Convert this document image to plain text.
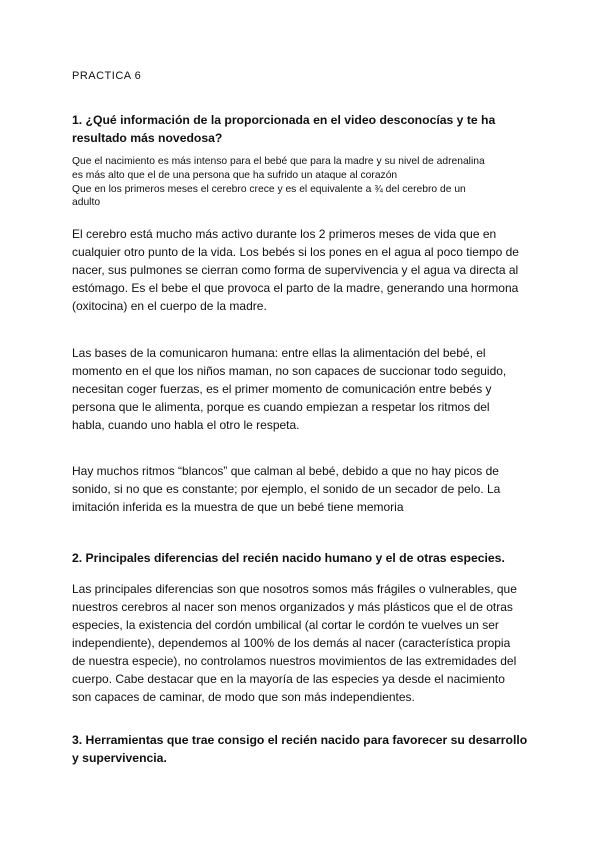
PRACTICA 6
1. ¿Qué información de la proporcionada en el video desconocías y te ha
resultado más novedosa?
Que el nacimiento es más intenso para el bebé que para la madre y su nivel de adrenalina
es más alto que el de una persona que ha sufrido un ataque al corazón
Que en los primeros meses el cerebro crece y es el equivalente a ¾ del cerebro de un
adulto
El cerebro está mucho más activo durante los 2 primeros meses de vida que en
cualquier otro punto de la vida. Los bebés si los pones en el agua al poco tiempo de
nacer, sus pulmones se cierran como forma de supervivencia y el agua va directa al
estómago. Es el bebe el que provoca el parto de la madre, generando una hormona
(oxitocina) en el cuerpo de la madre.
Las bases de la comunicaron humana: entre ellas la alimentación del bebé, el
momento en el que los niños maman, no son capaces de succionar todo seguido,
necesitan coger fuerzas, es el primer momento de comunicación entre bebés y
persona que le alimenta, porque es cuando empiezan a respetar los ritmos del
habla, cuando uno habla el otro le respeta.
Hay muchos ritmos “blancos” que calman al bebé, debido a que no hay picos de
sonido, si no que es constante; por ejemplo, el sonido de un secador de pelo. La
imitación inferida es la muestra de que un bebé tiene memoria
2. Principales diferencias del recién nacido humano y el de otras especies.
Las principales diferencias son que nosotros somos más frágiles o vulnerables, que
nuestros cerebros al nacer son menos organizados y más plásticos que el de otras
especies, la existencia del cordón umbilical (al cortar le cordón te vuelves un ser
independiente), dependemos al 100% de los demás al nacer (característica propia
de nuestra especie), no controlamos nuestros movimientos de las extremidades del
cuerpo. Cabe destacar que en la mayoría de las especies ya desde el nacimiento
son capaces de caminar, de modo que son más independientes.
3. Herramientas que trae consigo el recién nacido para favorecer su desarrollo
y supervivencia.
